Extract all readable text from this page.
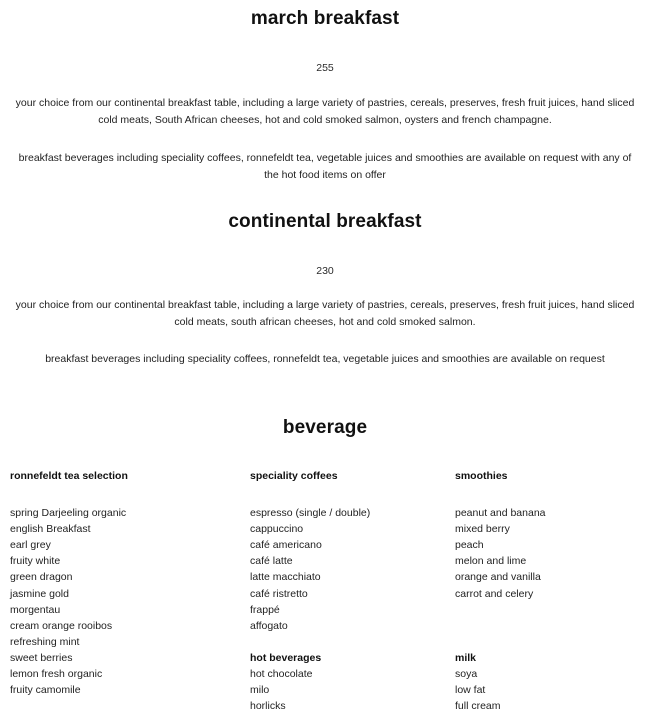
march breakfast
255
your choice from our continental breakfast table, including a large variety of pastries, cereals, preserves, fresh fruit juices, hand sliced cold meats, South African cheeses, hot and cold smoked salmon, oysters and french champagne.
breakfast beverages including speciality coffees, ronnefeldt tea, vegetable juices and smoothies are available on request with any of the hot food items on offer
continental breakfast
230
your choice from our continental breakfast table, including a large variety of pastries, cereals, preserves, fresh fruit juices, hand sliced cold meats, south african cheeses, hot and cold smoked salmon.
breakfast beverages including speciality coffees, ronnefeldt tea, vegetable juices and smoothies are available on request
beverage
ronnefeldt tea selection
spring Darjeeling organic
english Breakfast
earl grey
fruity white
green dragon
jasmine gold
morgentau
cream orange rooibos
refreshing mint
sweet berries
lemon fresh organic
fruity camomile
speciality coffees
espresso (single / double)
cappuccino
café americano
café latte
latte macchiato
café ristretto
frappé
affogato
hot beverages
hot chocolate
milo
horlicks
smoothies
peanut and banana
mixed berry
peach
melon and lime
orange and vanilla
carrot and celery
milk
soya
low fat
full cream
